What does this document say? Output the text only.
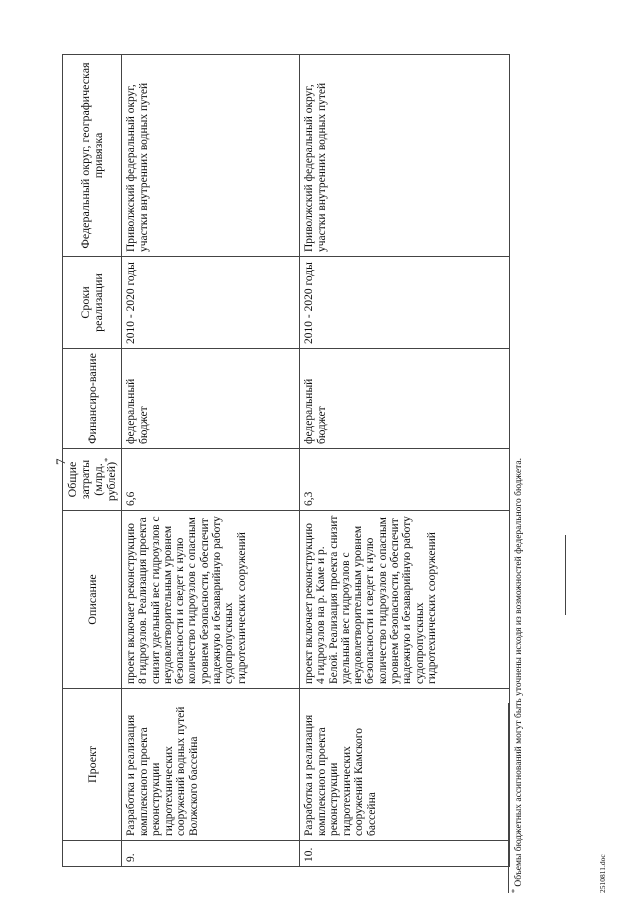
7
	Проект	Описание	Общие затраты (млрд. рублей)*	Финансиро-вание	Сроки реализации	Федеральный округ, географическая привязка
9.	Разработка и реализация комплексного проекта реконструкции гидротехнических сооружений водных путей Волжского бассейна	проект включает реконструкцию 8 гидроузлов. Реализация проекта снизит удельный вес гидроузлов с неудовлетворительным уровнем безопасности и сведет к нулю количество гидроузлов с опасным уровнем безопасности, обеспечит надежную и безаварийную работу судопропускных гидротехнических сооружений	6,6	федеральный бюджет	2010 - 2020 годы	Приволжский федеральный округ, участки внутренних водных путей
10.	Разработка и реализация комплексного проекта реконструкции гидротехнических сооружений Камского бассейна	проект включает реконструкцию 4 гидроузлов на р. Каме и р. Белой. Реализация проекта снизит удельный вес гидроузлов с неудовлетворительным уровнем безопасности и сведет к нулю количество гидроузлов с опасным уровнем безопасности, обеспечит надежную и безаварийную работу судопропускных гидротехнических сооружений	6,3	федеральный бюджет	2010 - 2020 годы	Приволжский федеральный округ, участки внутренних водных путей
* Объемы бюджетных ассигнований могут быть уточнены исходя из возможностей федерального бюджета.	2510811.doc
